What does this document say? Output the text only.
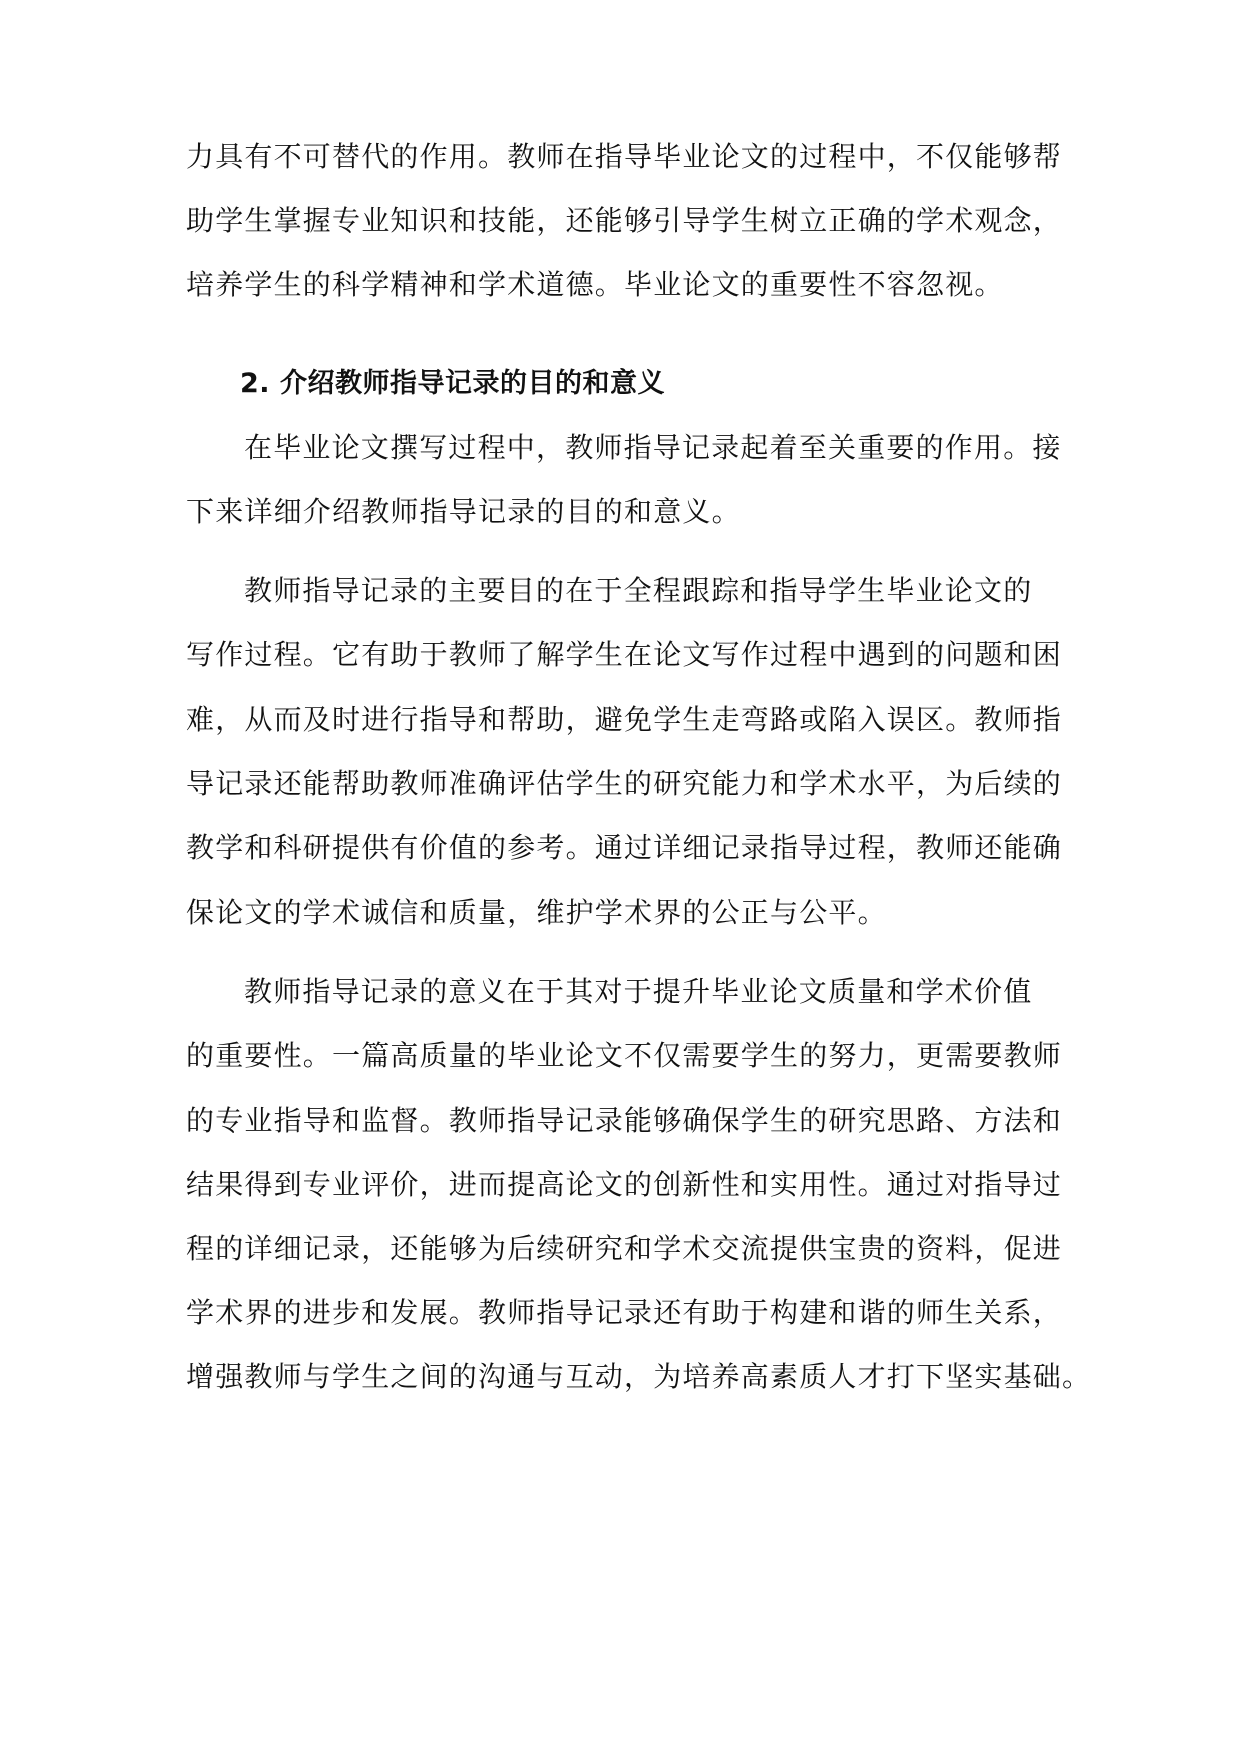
力具有不可替代的作用。教师在指导毕业论文的过程中，不仅能够帮
助学生掌握专业知识和技能，还能够引导学生树立正确的学术观念，
培养学生的科学精神和学术道德。毕业论文的重要性不容忽视。
2. 介绍教师指导记录的目的和意义
在毕业论文撰写过程中，教师指导记录起着至关重要的作用。接
下来详细介绍教师指导记录的目的和意义。
教师指导记录的主要目的在于全程跟踪和指导学生毕业论文的
写作过程。它有助于教师了解学生在论文写作过程中遇到的问题和困
难，从而及时进行指导和帮助，避免学生走弯路或陷入误区。教师指
导记录还能帮助教师准确评估学生的研究能力和学术水平，为后续的
教学和科研提供有价值的参考。通过详细记录指导过程，教师还能确
保论文的学术诚信和质量，维护学术界的公正与公平。
教师指导记录的意义在于其对于提升毕业论文质量和学术价值
的重要性。一篇高质量的毕业论文不仅需要学生的努力，更需要教师
的专业指导和监督。教师指导记录能够确保学生的研究思路、方法和
结果得到专业评价，进而提高论文的创新性和实用性。通过对指导过
程的详细记录，还能够为后续研究和学术交流提供宝贵的资料，促进
学术界的进步和发展。教师指导记录还有助于构建和谐的师生关系，
增强教师与学生之间的沟通与互动，为培养高素质人才打下坚实基础。
